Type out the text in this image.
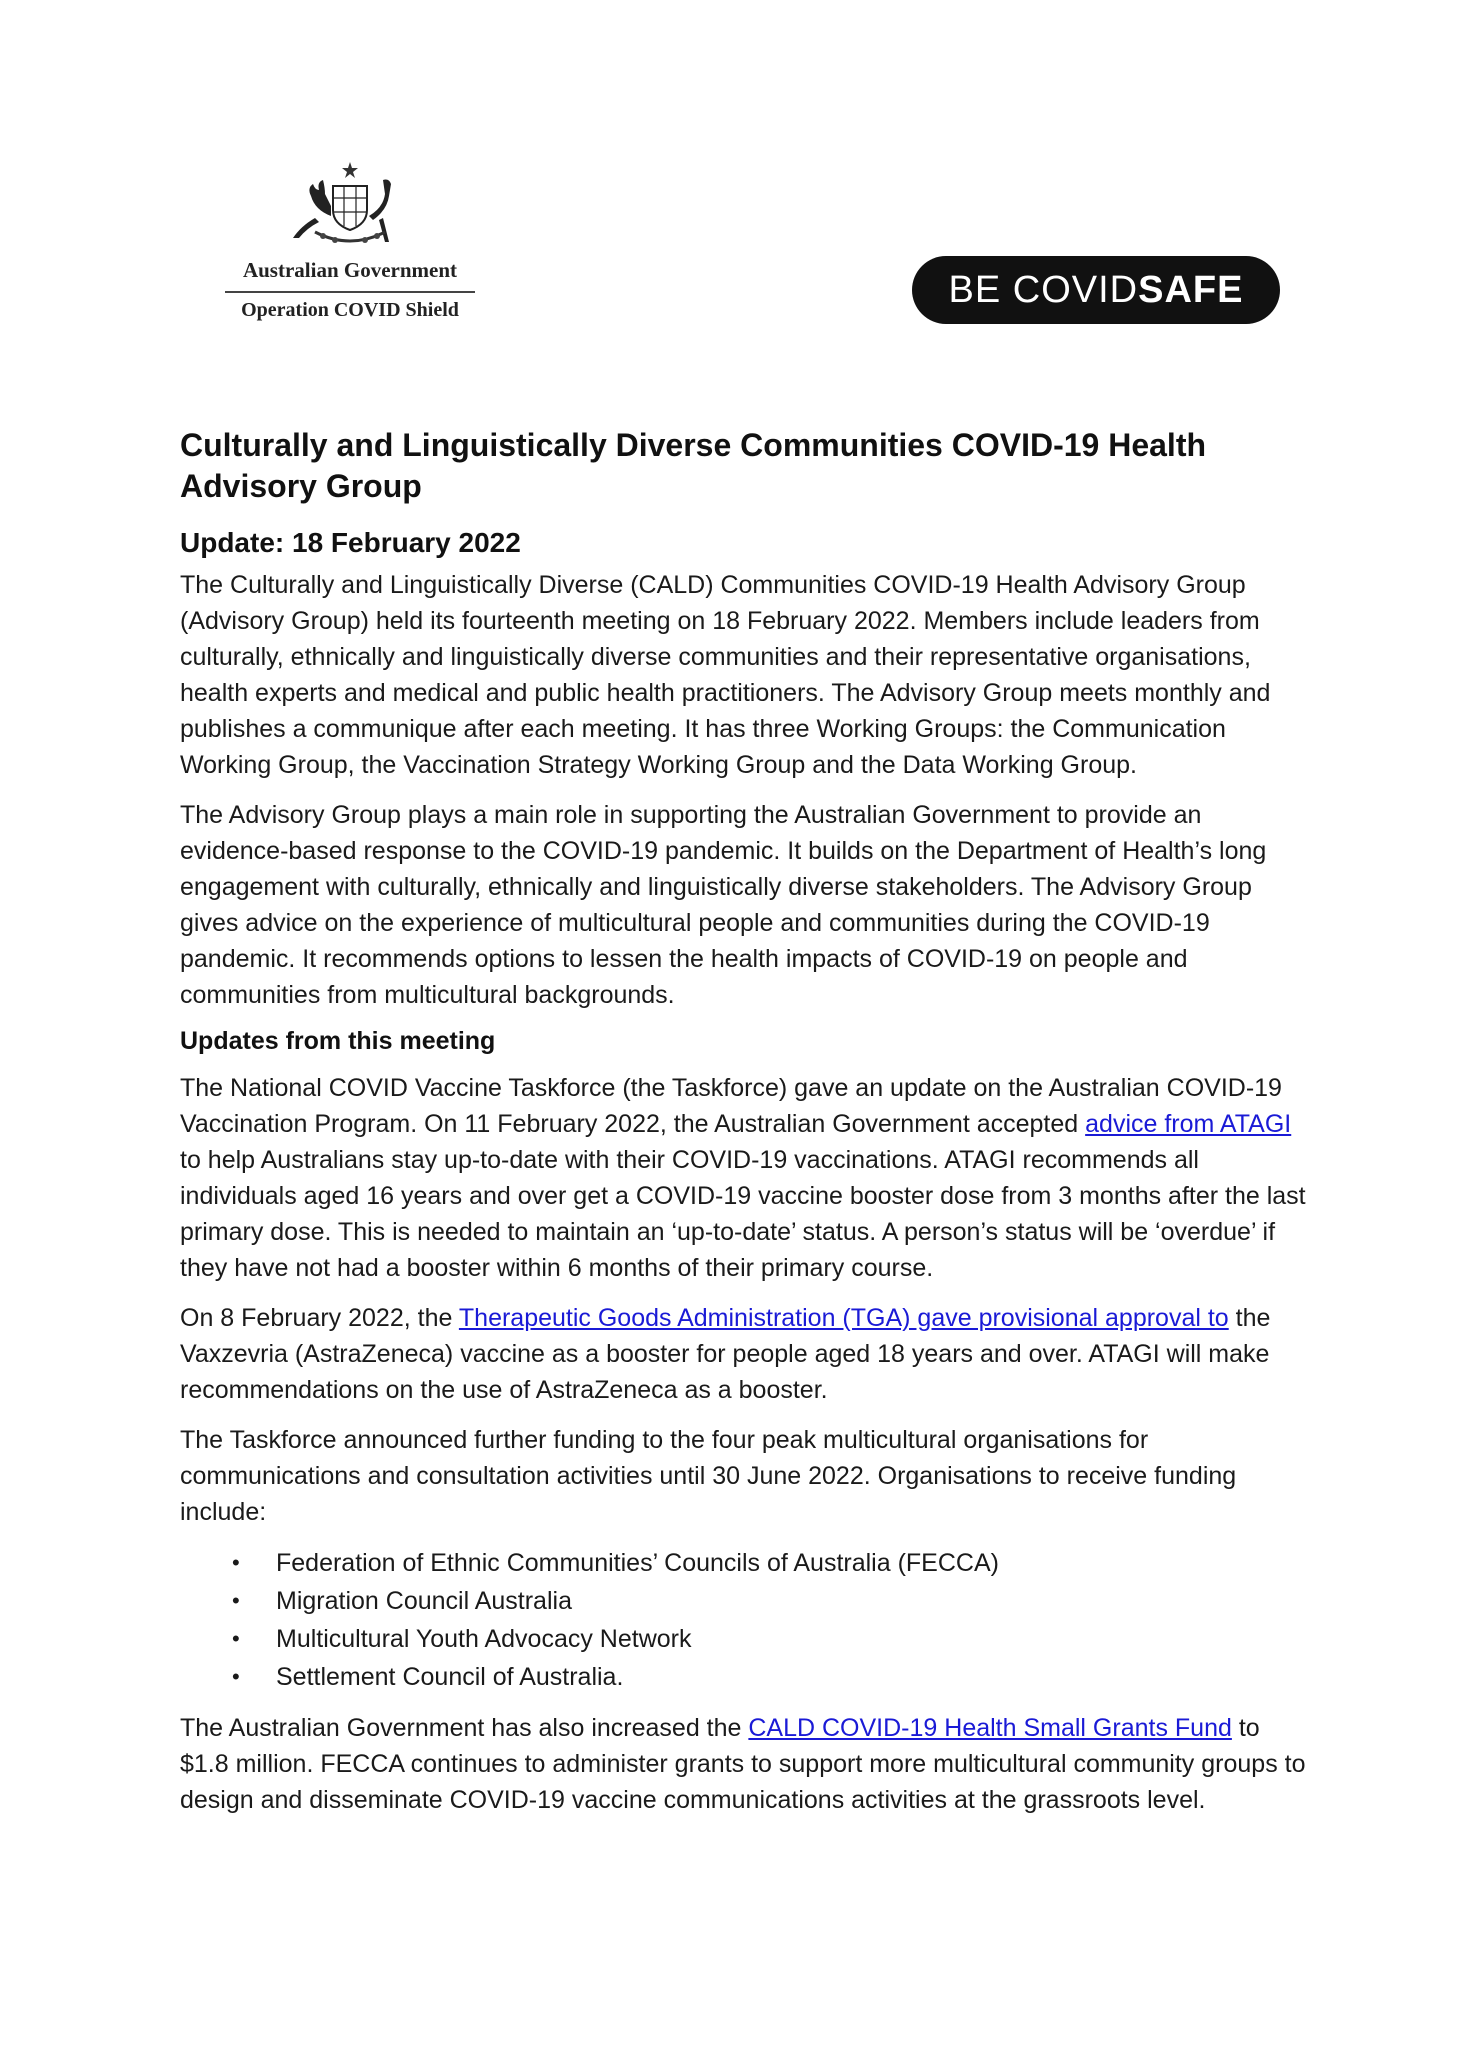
Australian Government
Operation COVID Shield	BE COVID SAFE
Culturally and Linguistically Diverse Communities COVID-19 Health Advisory Group
Update: 18 February 2022

The Culturally and Linguistically Diverse (CALD) Communities COVID-19 Health Advisory Group (Advisory Group) held its fourteenth meeting on 18 February 2022. Members include leaders from culturally, ethnically and linguistically diverse communities and their representative organisations, health experts and medical and public health practitioners. The Advisory Group meets monthly and publishes a communique after each meeting. It has three Working Groups: the Communication Working Group, the Vaccination Strategy Working Group and the Data Working Group.

The Advisory Group plays a main role in supporting the Australian Government to provide an evidence-based response to the COVID-19 pandemic. It builds on the Department of Health’s long engagement with culturally, ethnically and linguistically diverse stakeholders. The Advisory Group gives advice on the experience of multicultural people and communities during the COVID-19 pandemic. It recommends options to lessen the health impacts of COVID-19 on people and communities from multicultural backgrounds.

Updates from this meeting

The National COVID Vaccine Taskforce (the Taskforce) gave an update on the Australian COVID-19 Vaccination Program. On 11 February 2022, the Australian Government accepted advice from ATAGI to help Australians stay up-to-date with their COVID-19 vaccinations. ATAGI recommends all individuals aged 16 years and over get a COVID-19 vaccine booster dose from 3 months after the last primary dose. This is needed to maintain an ‘up-to-date’ status. A person’s status will be ‘overdue’ if they have not had a booster within 6 months of their primary course.

On 8 February 2022, the Therapeutic Goods Administration (TGA) gave provisional approval to the Vaxzevria (AstraZeneca) vaccine as a booster for people aged 18 years and over. ATAGI will make recommendations on the use of AstraZeneca as a booster.

The Taskforce announced further funding to the four peak multicultural organisations for communications and consultation activities until 30 June 2022. Organisations to receive funding include:

• Federation of Ethnic Communities’ Councils of Australia (FECCA)
• Migration Council Australia
• Multicultural Youth Advocacy Network
• Settlement Council of Australia.

The Australian Government has also increased the CALD COVID-19 Health Small Grants Fund to $1.8 million. FECCA continues to administer grants to support more multicultural community groups to design and disseminate COVID-19 vaccine communications activities at the grassroots level.
